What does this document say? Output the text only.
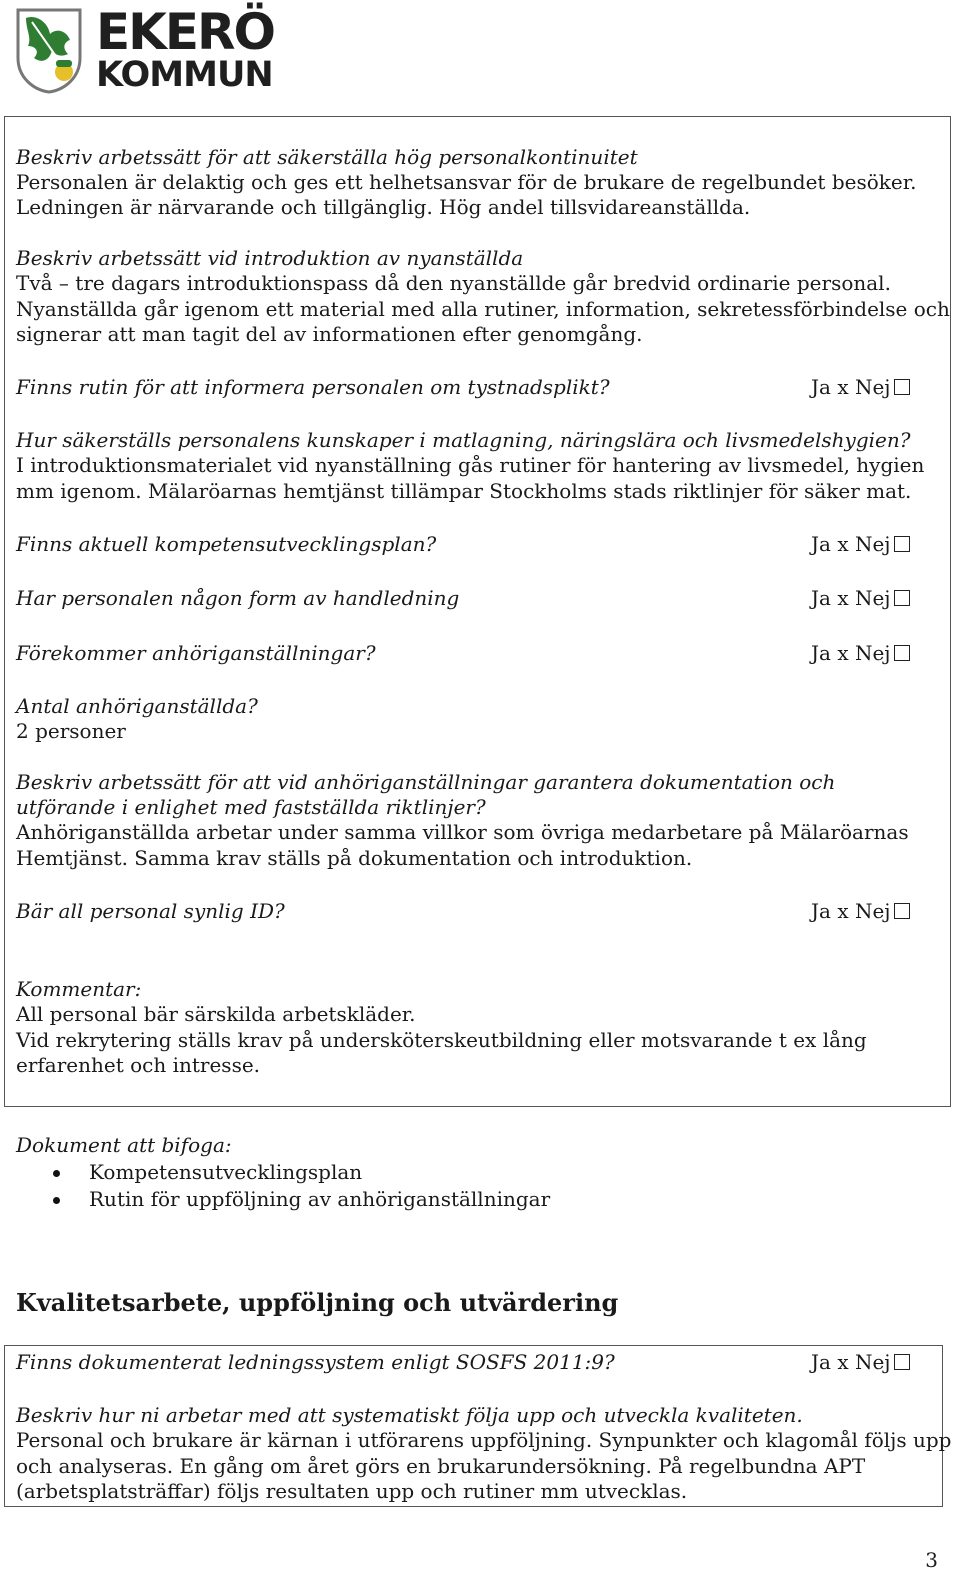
EKERÖ
KOMMUN
Beskriv arbetssätt för att säkerställa hög personalkontinuitet
Personalen är delaktig och ges ett helhetsansvar för de brukare de regelbundet besöker.
Ledningen är närvarande och tillgänglig. Hög andel tillsvidareanställda.
Beskriv arbetssätt vid introduktion av nyanställda
Två – tre dagars introduktionspass då den nyanställde går bredvid ordinarie personal.
Nyanställda går igenom ett material med alla rutiner, information, sekretessförbindelse och
signerar att man tagit del av informationen efter genomgång.
Finns rutin för att informera personalen om tystnadsplikt?	Ja x Nej
Hur säkerställs personalens kunskaper i matlagning, näringslära och livsmedelshygien?
I introduktionsmaterialet vid nyanställning gås rutiner för hantering av livsmedel, hygien
mm igenom. Mälaröarnas hemtjänst tillämpar Stockholms stads riktlinjer för säker mat.
Finns aktuell kompetensutvecklingsplan?	Ja x Nej
Har personalen någon form av handledning	Ja x Nej
Förekommer anhöriganställningar?	Ja x Nej
Antal anhöriganställda?
2 personer
Beskriv arbetssätt för att vid anhöriganställningar garantera dokumentation och
utförande i enlighet med fastställda riktlinjer?
Anhöriganställda arbetar under samma villkor som övriga medarbetare på Mälaröarnas
Hemtjänst. Samma krav ställs på dokumentation och introduktion.
Bär all personal synlig ID?	Ja x Nej
Kommentar:
All personal bär särskilda arbetskläder.
Vid rekrytering ställs krav på undersköterskeutbildning eller motsvarande t ex lång
erfarenhet och intresse.
Dokument att bifoga:
Kompetensutvecklingsplan
Rutin för uppföljning av anhöriganställningar
Kvalitetsarbete, uppföljning och utvärdering
Finns dokumenterat ledningssystem enligt SOSFS 2011:9?	Ja x Nej
Beskriv hur ni arbetar med att systematiskt följa upp och utveckla kvaliteten.
Personal och brukare är kärnan i utförarens uppföljning. Synpunkter och klagomål följs upp
och analyseras. En gång om året görs en brukarundersökning. På regelbundna APT
(arbetsplatsträffar) följs resultaten upp och rutiner mm utvecklas.
3
